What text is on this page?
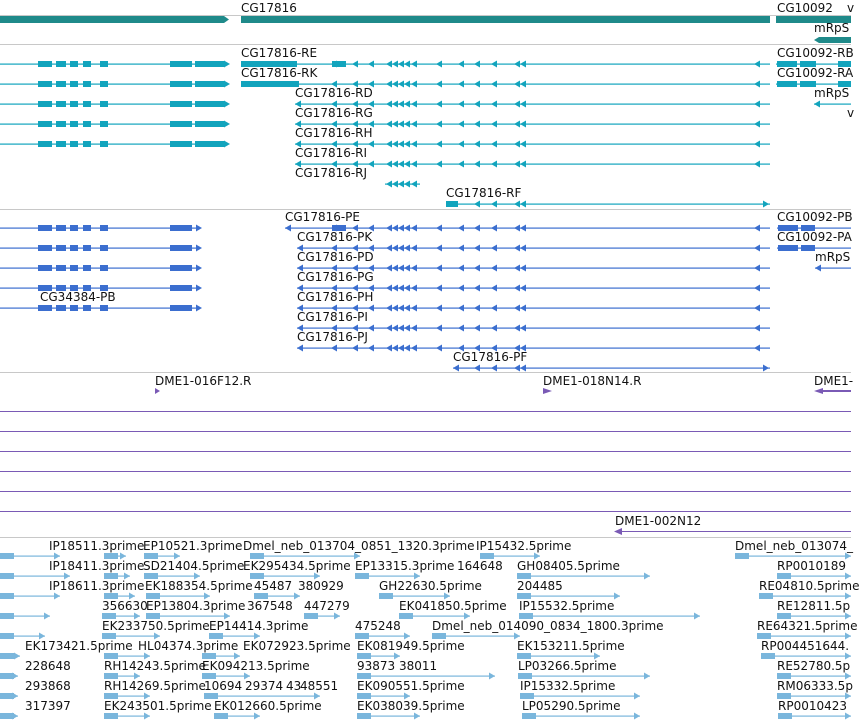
CG17816	CG10092 v
mRpS
CG17816-RE
CG17816-RK
CG17816-RD
CG17816-RG
CG17816-RH
CG17816-RI
CG17816-RJ
CG17816-RF
CG10092-RB
CG10092-RA
mRpS
v
CG17816-PE
CG17816-PK
CG17816-PD
CG17816-PG
CG34384-PB	CG17816-PH
CG17816-PI
CG17816-PJ
CG17816-PF
CG10092-PB
CG10092-PA
mRpS
DME1-016F12.R	DME1-018N14.R	DME1-
DME1-002N12
IP18511.3prime
EP10521.3prime Dmel_neb_013704_0851_1320.3prime IP15432.5prime	Dmel_neb_013074_
IP18411.3prime
SD21404.5prime
EK295434.5prime EP13315.3prime 164648 GH08405.5prime	RP0010189
IP18611.3prime EK188354.5prime 45487 380929	GH22630.5prime	204485	RE04810.5prime
356630
EP13804.3prime 367548 447279	EK041850.5prime IP15532.5prime	RE12811.5p
EK233750.5prime EP14414.3prime	475248	Dmel_neb_014090_0834_1800.3prime	RE64321.5prime
EK173421.5prime HL04374.3prime EK072923.5prime EK081949.5prime	EK153211.5prime	RP004451644.
228648	RH14243.5prime
EK094213.5prime	93873 38011	LP03266.5prime	RE52780.5p
293868	RH14269.5prime
10694 29374 43
48551 EK090551.5prime	IP15332.5prime	RM06333.5p
317397	EK243501.5prime EK012660.5prime	EK038039.5prime	LP05290.5prime	RP0010423
